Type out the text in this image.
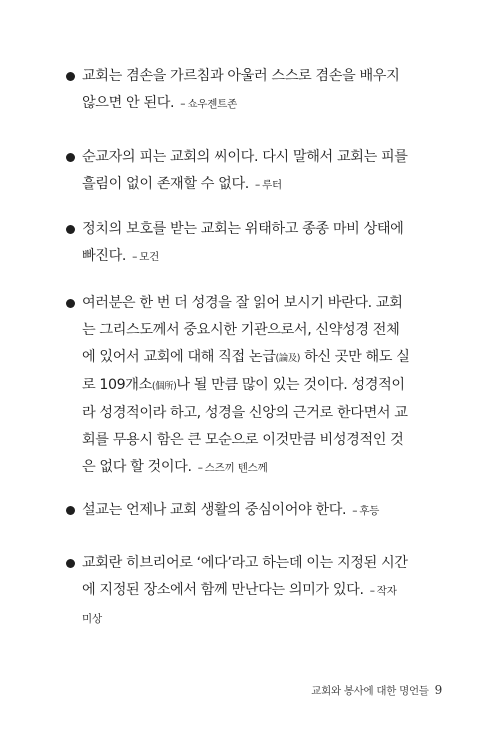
교회는 겸손을 가르침과 아울러 스스로 겸손을 배우지
않으면 안 된다. – 쇼우젠트존
순교자의 피는 교회의 씨이다. 다시 말해서 교회는 피를
흘림이 없이 존재할 수 없다. – 루터
정치의 보호를 받는 교회는 위태하고 종종 마비 상태에
빠진다. – 모건
여러분은 한 번 더 성경을 잘 읽어 보시기 바란다. 교회
는 그리스도께서 중요시한 기관으로서, 신약성경 전체
에 있어서 교회에 대해 직접 논급(論及) 하신 곳만 해도 실
로 109개소(個所)나 될 만큼 많이 있는 것이다. 성경적이
라 성경적이라 하고, 성경을 신앙의 근거로 한다면서 교
회를 무용시 함은 큰 모순으로 이것만큼 비성경적인 것
은 없다 할 것이다. – 스즈끼 텐스께
설교는 언제나 교회 생활의 중심이어야 한다. – 후등
교회란 히브리어로 ‘에다’라고 하는데 이는 지정된 시간
에 지정된 장소에서 함께 만난다는 의미가 있다. – 작자
미상
교회와 봉사에 대한 명언들 9
